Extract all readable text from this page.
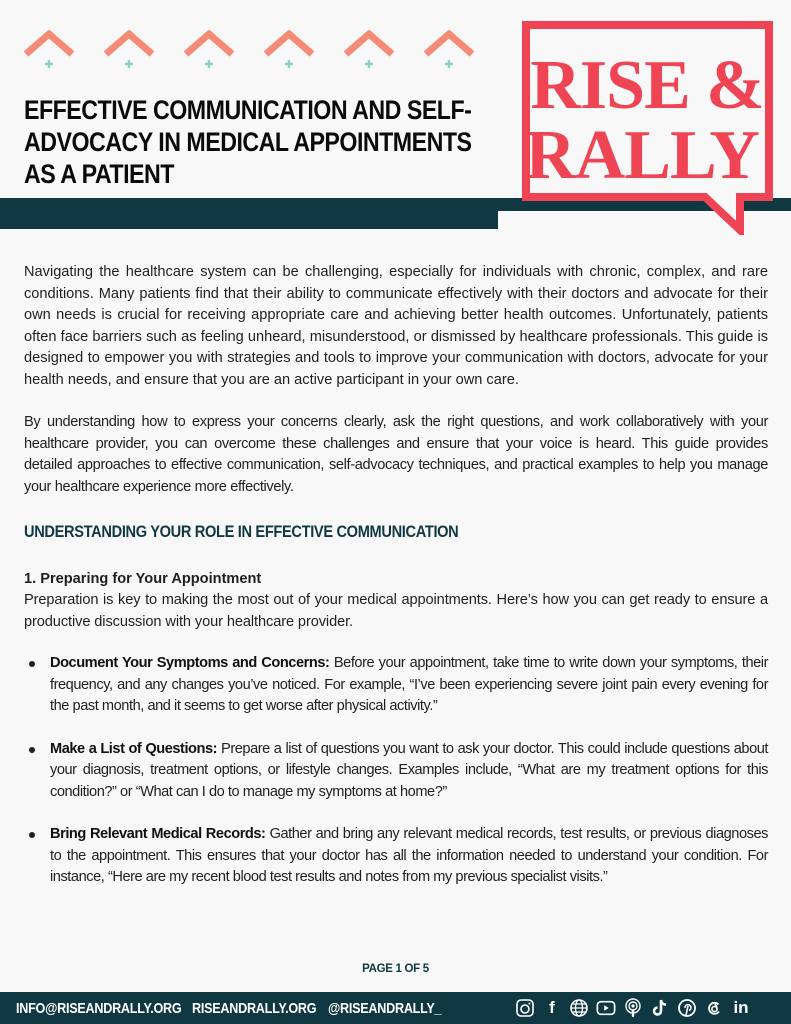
EFFECTIVE COMMUNICATION AND SELF-ADVOCACY IN MEDICAL APPOINTMENTS AS A PATIENT
RISE &
RALLY

Navigating the healthcare system can be challenging, especially for individuals with chronic, complex, and rare conditions. Many patients find that their ability to communicate effectively with their doctors and advocate for their own needs is crucial for receiving appropriate care and achieving better health outcomes. Unfortunately, patients often face barriers such as feeling unheard, misunderstood, or dismissed by healthcare professionals. This guide is designed to empower you with strategies and tools to improve your communication with doctors, advocate for your health needs, and ensure that you are an active participant in your own care.

By understanding how to express your concerns clearly, ask the right questions, and work collaboratively with your healthcare provider, you can overcome these challenges and ensure that your voice is heard. This guide provides detailed approaches to effective communication, self-advocacy techniques, and practical examples to help you manage your healthcare experience more effectively.

UNDERSTANDING YOUR ROLE IN EFFECTIVE COMMUNICATION
1. Preparing for Your Appointment

Preparation is key to making the most out of your medical appointments. Here’s how you can get ready to ensure a productive discussion with your healthcare provider.

Document Your Symptoms and Concerns: Before your appointment, take time to write down your symptoms, their frequency, and any changes you’ve noticed. For example, “I’ve been experiencing severe joint pain every evening for the past month, and it seems to get worse after physical activity.”
Make a List of Questions: Prepare a list of questions you want to ask your doctor. This could include questions about your diagnosis, treatment options, or lifestyle changes. Examples include, “What are my treatment options for this condition?” or “What can I do to manage my symptoms at home?”
Bring Relevant Medical Records: Gather and bring any relevant medical records, test results, or previous diagnoses to the appointment. This ensures that your doctor has all the information needed to understand your condition. For instance, “Here are my recent blood test results and notes from my previous specialist visits.”
PAGE 1 OF 5
INFO@RISEANDRALLY.ORG RISEANDRALLY.ORG @RISEANDRALLY_	f	in
